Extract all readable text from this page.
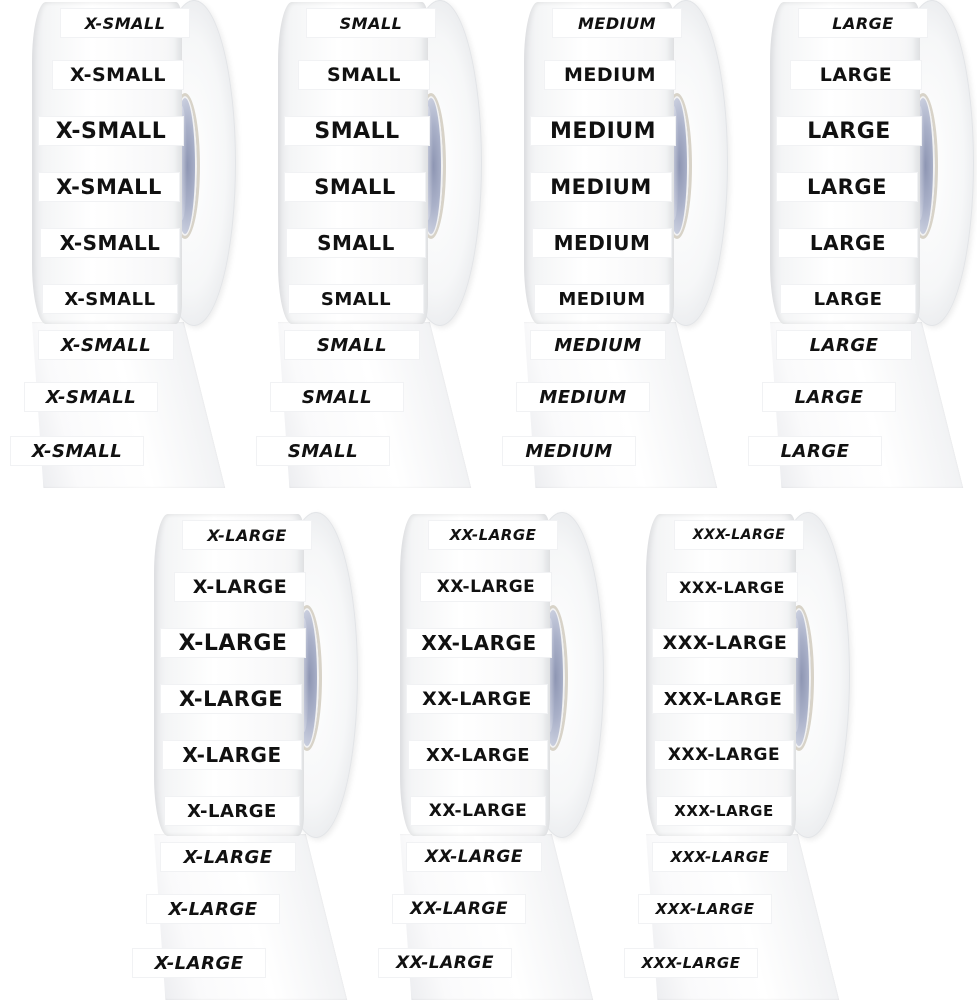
X-SMALL
X-SMALL
X-SMALL
X-SMALL
X-SMALL
X-SMALL
X-SMALL
X-SMALL
X-SMALL
SMALL
SMALL
SMALL
SMALL
SMALL
SMALL
SMALL
SMALL
SMALL
MEDIUM
MEDIUM
MEDIUM
MEDIUM
MEDIUM
MEDIUM
MEDIUM
MEDIUM
MEDIUM
LARGE
LARGE
LARGE
LARGE
LARGE
LARGE
LARGE
LARGE
LARGE
X-LARGE
X-LARGE
X-LARGE
X-LARGE
X-LARGE
X-LARGE
X-LARGE
X-LARGE
X-LARGE
XX-LARGE
XX-LARGE
XX-LARGE
XX-LARGE
XX-LARGE
XX-LARGE
XX-LARGE
XX-LARGE
XX-LARGE
XXX-LARGE
XXX-LARGE
XXX-LARGE
XXX-LARGE
XXX-LARGE
XXX-LARGE
XXX-LARGE
XXX-LARGE
XXX-LARGE
